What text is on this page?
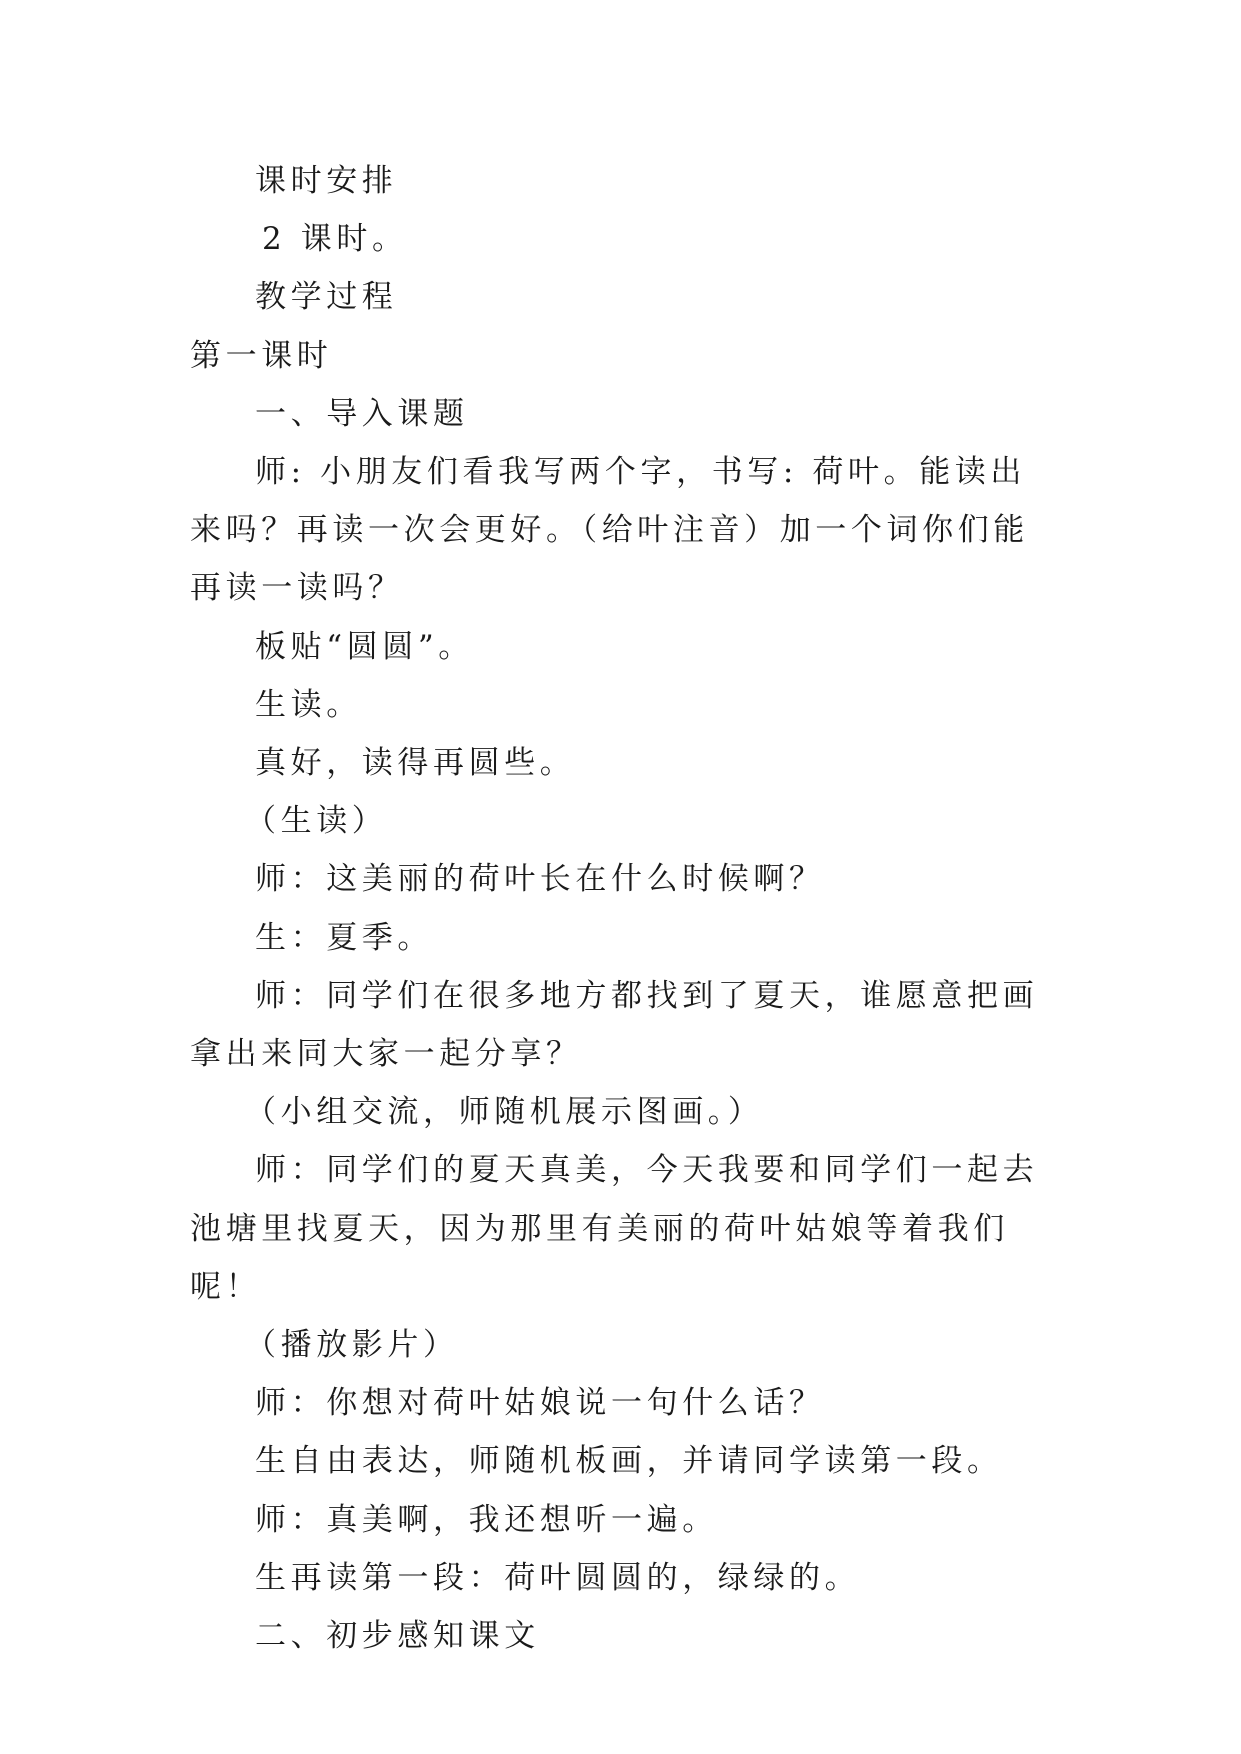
课时安排

2 课时。

教学过程

第一课时

一、导入课题

师: 小朋友们看我写两个字，书写: 荷叶。能读出来吗？再读一次会更好。（给叶注音）加一个词你们能再读一读吗？

板贴“圆圆”。

生读。

真好，读得再圆些。

（生读）

师：这美丽的荷叶长在什么时候啊？

生：夏季。

师：同学们在很多地方都找到了夏天，谁愿意把画拿出来同大家一起分享？

（小组交流，师随机展示图画。）

师：同学们的夏天真美，今天我要和同学们一起去池塘里找夏天，因为那里有美丽的荷叶姑娘等着我们呢！

（播放影片）

师：你想对荷叶姑娘说一句什么话？

生自由表达，师随机板画，并请同学读第一段。

师：真美啊，我还想听一遍。

生再读第一段：荷叶圆圆的，绿绿的。

二、初步感知课文
